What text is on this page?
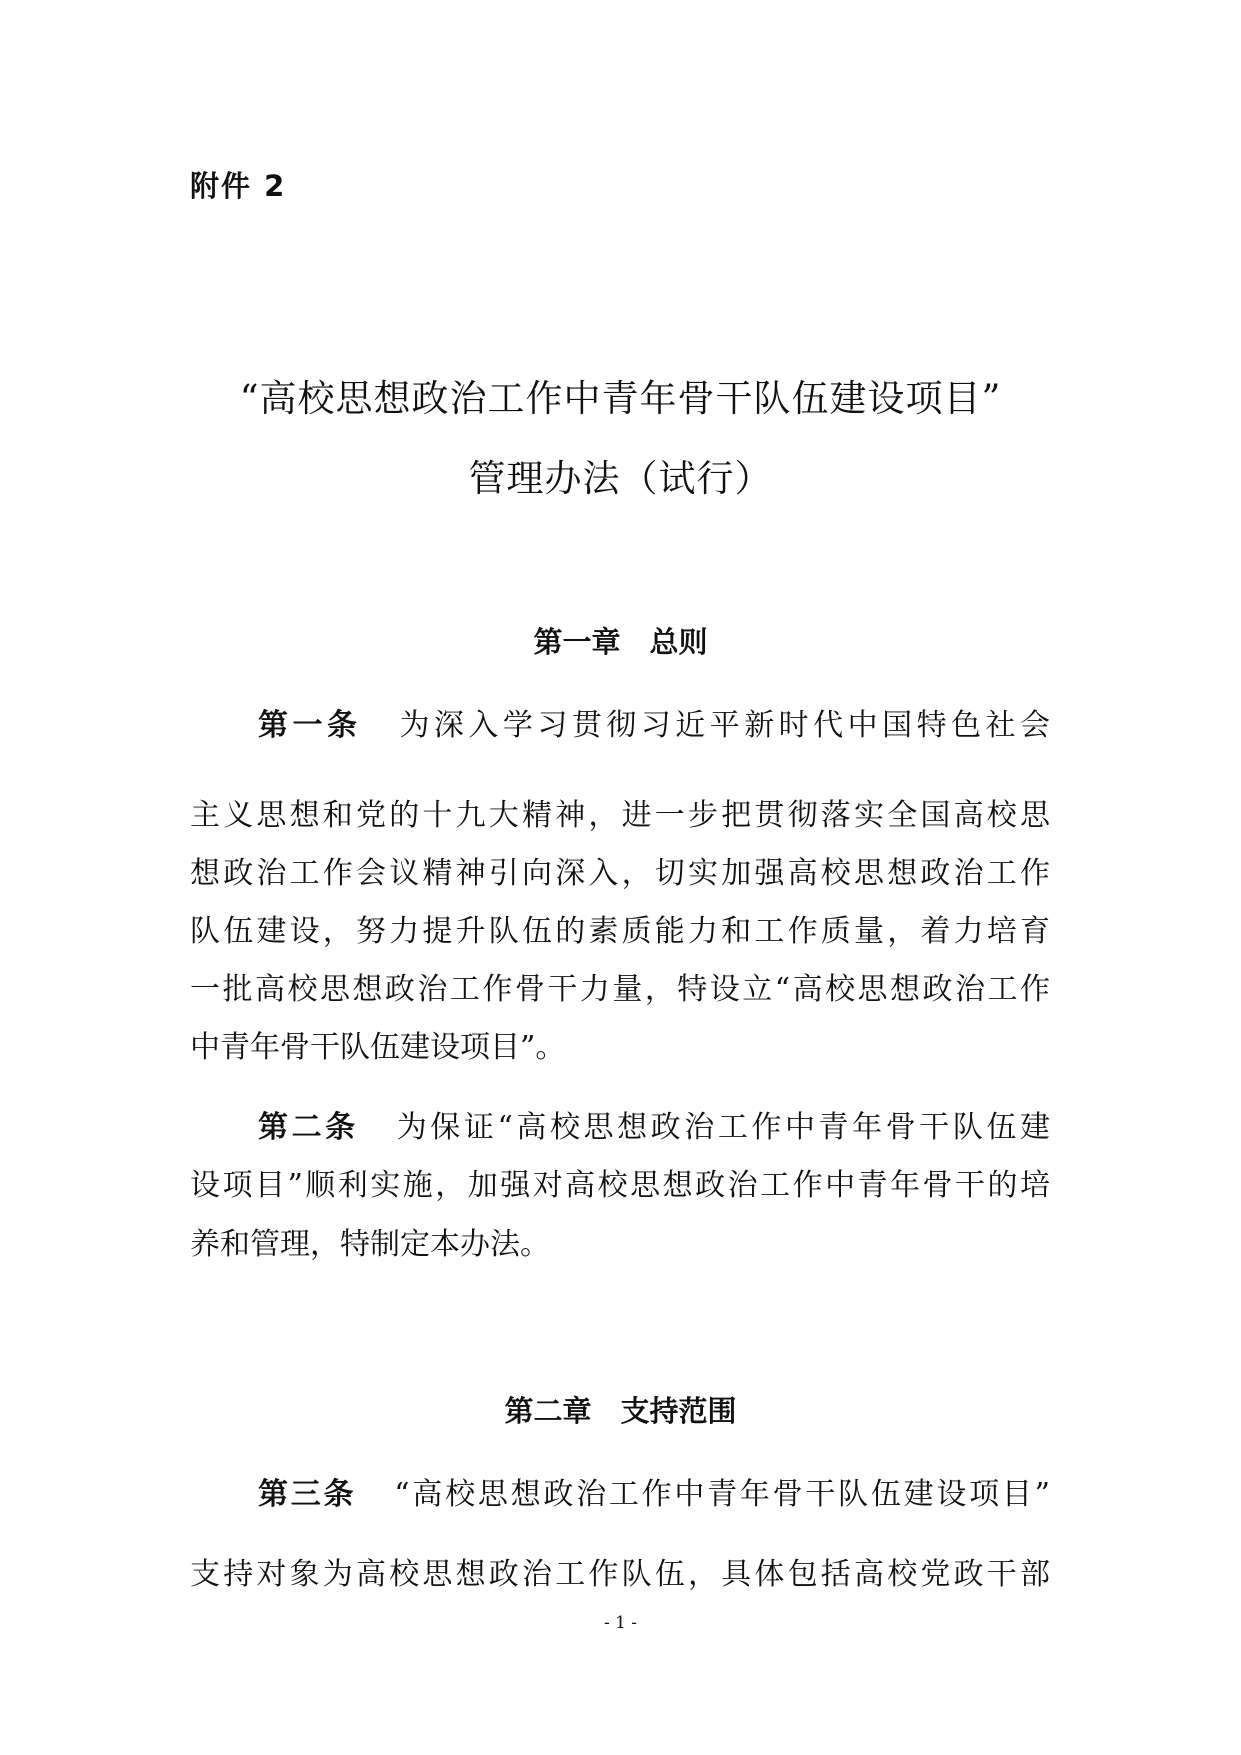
附件 2
“高校思想政治工作中青年骨干队伍建设项目”
管理办法（试行）
第一章　总则
第一条 为深入学习贯彻习近平新时代中国特色社会
主义思想和党的十九大精神，进一步把贯彻落实全国高校思
想政治工作会议精神引向深入，切实加强高校思想政治工作
队伍建设，努力提升队伍的素质能力和工作质量，着力培育
一批高校思想政治工作骨干力量，特设立“高校思想政治工作
中青年骨干队伍建设项目”。
第二条 为保证“高校思想政治工作中青年骨干队伍建
设项目”顺利实施，加强对高校思想政治工作中青年骨干的培
养和管理，特制定本办法。
第二章　支持范围
第三条 “高校思想政治工作中青年骨干队伍建设项目”
支持对象为高校思想政治工作队伍，具体包括高校党政干部
- 1 -
